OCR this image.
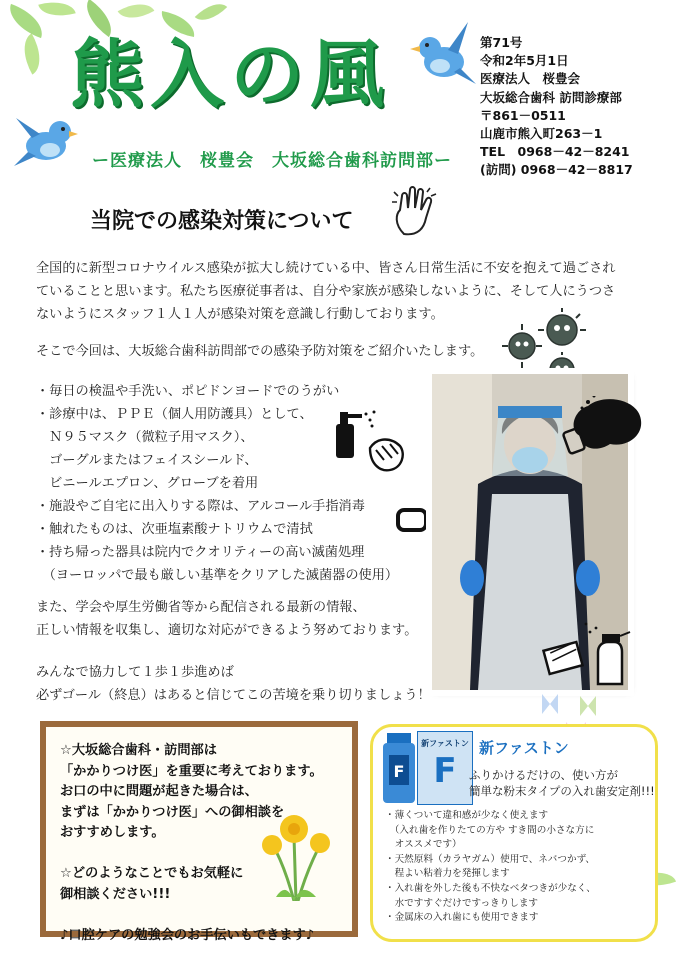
熊入の風
ー医療法人　桜豊会　大坂総合歯科訪問部ー
第71号
令和2年5月1日
医療法人　桜豊会
大坂総合歯科 訪問診療部
〒861－0511
山鹿市熊入町263－1
TEL　0968－42－8241
(訪問) 0968－42－8817
当院での感染対策について
全国的に新型コロナウイルス感染が拡大し続けている中、皆さん日常生活に不安を抱えて過ごされ
ていることと思います。私たち医療従事者は、自分や家族が感染しないように、そして人にうつさ
ないようにスタッフ１人１人が感染対策を意識し行動しております。
そこで今回は、大坂総合歯科訪問部での感染予防対策をご紹介いたします。
・毎日の検温や手洗い、ポピドンヨードでのうがい
・診療中は、ＰＰＥ（個人用防護具）として、
　Ｎ９５マスク（微粒子用マスク）、
　ゴーグルまたはフェイスシールド、
　ビニールエプロン、グローブを着用
・施設やご自宅に出入りする際は、アルコール手指消毒
・触れたものは、次亜塩素酸ナトリウムで清拭
・持ち帰った器具は院内でクオリティーの高い滅菌処理
　（ヨーロッパで最も厳しい基準をクリアした滅菌器の使用）
また、学会や厚生労働省等から配信される最新の情報、
正しい情報を収集し、適切な対応ができるよう努めております。
みんなで協力して１歩１歩進めば
必ずゴール（終息）はあると信じてこの苦境を乗り切りましょう！
☆大坂総合歯科・訪問部は
「かかりつけ医」を重要に考えております。
お口の中に問題が起きた場合は、
まずは「かかりつけ医」への御相談を
おすすめします。
☆どのようなことでもお気軽に
御相談ください!!!
♪口腔ケアの勉強会のお手伝いもできます♪
F
新ファストン
F
新ファストン
ふりかけるだけの、使い方が
簡単な粉末タイプの入れ歯安定剤!!!
・薄くついて違和感が少なく使えます
　（入れ歯を作りたての方や すき間の小さな方に
　オススメです）
・天然原料（カラヤガム）使用で、ネバつかず、
　程よい粘着力を発揮します
・入れ歯を外した後も不快なベタつきが少なく、
　水ですすぐだけですっきりします
・金属床の入れ歯にも使用できます
